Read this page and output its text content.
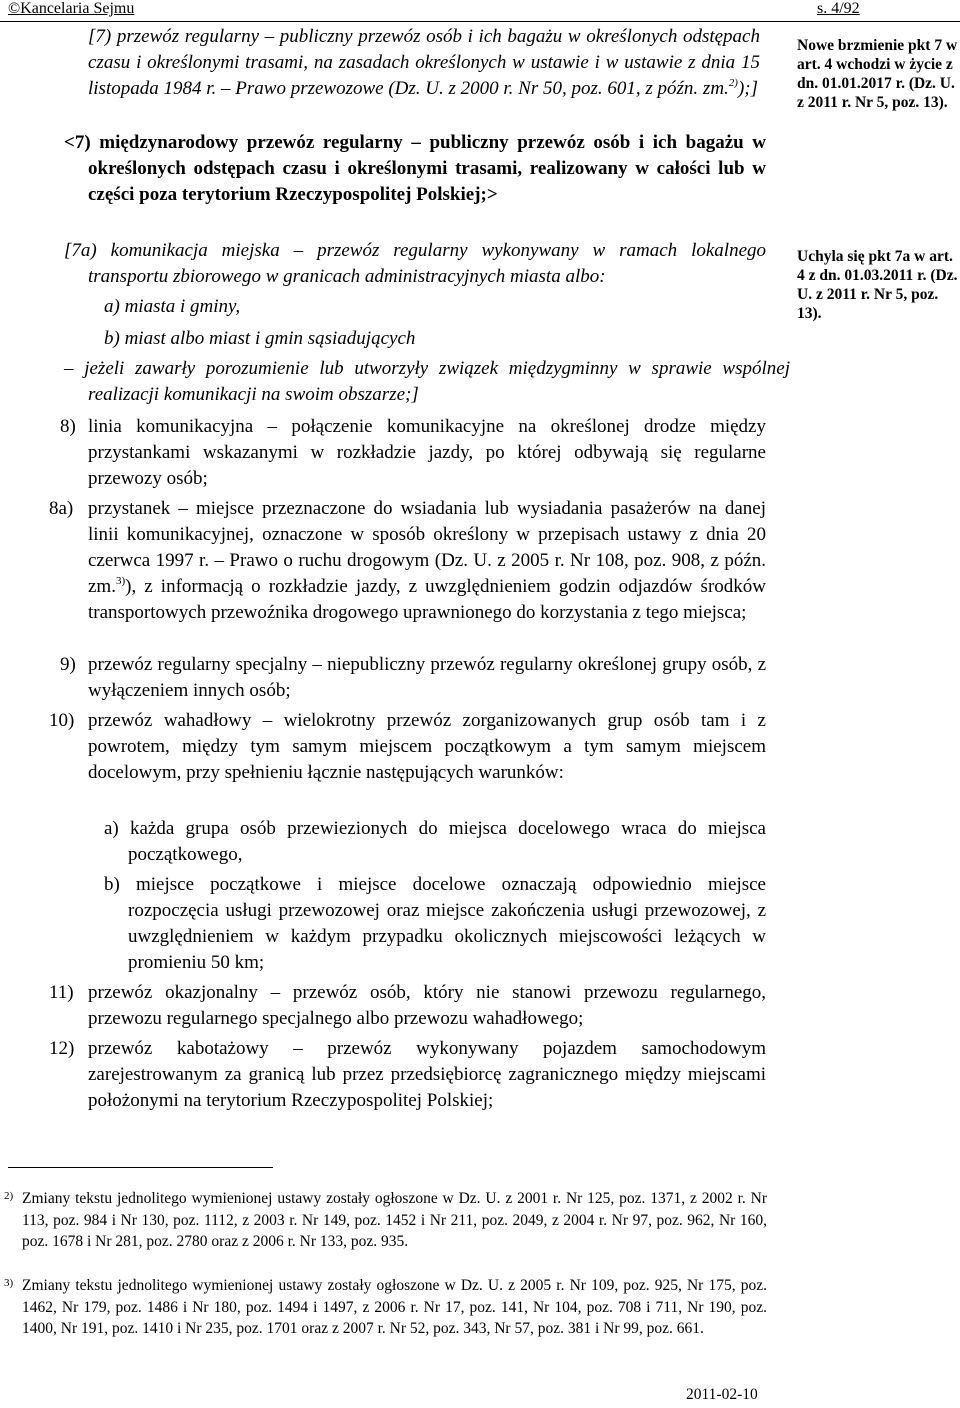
©Kancelaria Sejmu	s. 4/92

[7) przewóz regularny – publiczny przewóz osób i ich bagażu w określonych odstępach czasu i określonymi trasami, na zasadach określonych w ustawie i w ustawie z dnia 15 listopada 1984 r. – Prawo przewozowe (Dz. U. z 2000 r. Nr 50, poz. 601, z późn. zm.$^{2)}$);]

<7) międzynarodowy przewóz regularny – publiczny przewóz osób i ich bagażu w określonych odstępach czasu i określonymi trasami, realizowany w całości lub w części poza terytorium Rzeczypospolitej Polskiej;>

[7a) komunikacja miejska – przewóz regularny wykonywany w ramach lokalnego transportu zbiorowego w granicach administracyjnych miasta albo:

a) miasta i gminy,

b) miast albo miast i gmin sąsiadujących

– jeżeli zawarły porozumienie lub utworzyły związek międzygminny w sprawie wspólnej realizacji komunikacji na swoim obszarze;]

8) linia komunikacyjna – połączenie komunikacyjne na określonej drodze między przystankami wskazanymi w rozkładzie jazdy, po której odbywają się regularne przewozy osób;
8a) przystanek – miejsce przeznaczone do wsiadania lub wysiadania pasażerów na danej linii komunikacyjnej, oznaczone w sposób określony w przepisach ustawy z dnia 20 czerwca 1997 r. – Prawo o ruchu drogowym (Dz. U. z 2005 r. Nr 108, poz. 908, z późn. zm.$^{3)}$), z informacją o rozkładzie jazdy, z uwzględnieniem godzin odjazdów środków transportowych przewoźnika drogowego uprawnionego do korzystania z tego miejsca;
9) przewóz regularny specjalny – niepubliczny przewóz regularny określonej grupy osób, z wyłączeniem innych osób;
10) przewóz wahadłowy – wielokrotny przewóz zorganizowanych grup osób tam i z powrotem, między tym samym miejscem początkowym a tym samym miejscem docelowym, przy spełnieniu łącznie następujących warunków:

a) każda grupa osób przewiezionych do miejsca docelowego wraca do miejsca początkowego,

b) miejsce początkowe i miejsce docelowe oznaczają odpowiednio miejsce rozpoczęcia usługi przewozowej oraz miejsce zakończenia usługi przewozowej, z uwzględnieniem w każdym przypadku okolicznych miejscowości leżących w promieniu 50 km;

11) przewóz okazjonalny – przewóz osób, który nie stanowi przewozu regularnego, przewozu regularnego specjalnego albo przewozu wahadłowego;
12) przewóz kabotażowy – przewóz wykonywany pojazdem samochodowym zarejestrowanym za granicą lub przez przedsiębiorcę zagranicznego między miejscami położonymi na terytorium Rzeczypospolitej Polskiej;
Nowe brzmienie pkt 7 w art. 4 wchodzi w życie z dn. 01.01.2017 r. (Dz. U. z 2011 r. Nr 5, poz. 13).
Uchyla się pkt 7a w art. 4 z dn. 01.03.2011 r. (Dz. U. z 2011 r. Nr 5, poz. 13).
2) Zmiany tekstu jednolitego wymienionej ustawy zostały ogłoszone w Dz. U. z 2001 r. Nr 125, poz. 1371, z 2002 r. Nr 113, poz. 984 i Nr 130, poz. 1112, z 2003 r. Nr 149, poz. 1452 i Nr 211, poz. 2049, z 2004 r. Nr 97, poz. 962, Nr 160, poz. 1678 i Nr 281, poz. 2780 oraz z 2006 r. Nr 133, poz. 935.
3) Zmiany tekstu jednolitego wymienionej ustawy zostały ogłoszone w Dz. U. z 2005 r. Nr 109, poz. 925, Nr 175, poz. 1462, Nr 179, poz. 1486 i Nr 180, poz. 1494 i 1497, z 2006 r. Nr 17, poz. 141, Nr 104, poz. 708 i 711, Nr 190, poz. 1400, Nr 191, poz. 1410 i Nr 235, poz. 1701 oraz z 2007 r. Nr 52, poz. 343, Nr 57, poz. 381 i Nr 99, poz. 661.
2011-02-10
